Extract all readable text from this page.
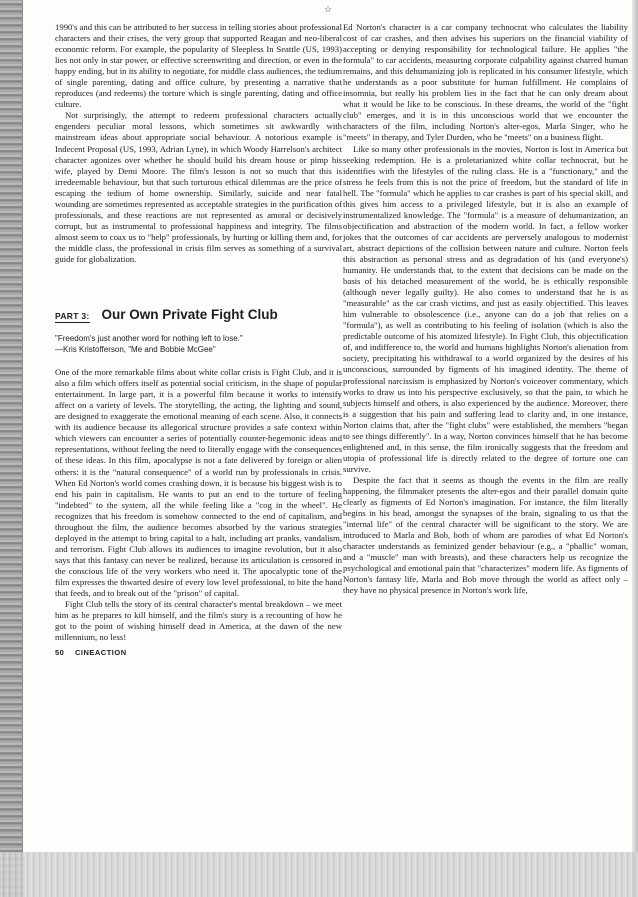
☆

1990's and this can be attributed to her success in telling stories about professional characters and their crises, the very group that supported Reagan and neo-liberal economic reform. For example, the popularity of Sleepless In Seattle (US, 1993) lies not only in star power, or effective screenwriting and direction, or even in the happy ending, but in its ability to negotiate, for middle class audiences, the tedium of single parenting, dating and office culture, by presenting a narrative that reproduces (and redeems) the torture which is single parenting, dating and office culture.

Not surprisingly, the attempt to redeem professional characters actually engenders peculiar moral lessons, which sometimes sit awkwardly with mainstream ideas about appropriate social behaviour. A notorious example is Indecent Proposal (US, 1993, Adrian Lyne), in which Woody Harrelson's architect character agonizes over whether he should build his dream house or pimp his wife, played by Demi Moore. The film's lesson is not so much that this is irredeemable behaviour, but that such torturous ethical dilemmas are the price of escaping the tedium of home ownership. Similarly, suicide and near fatal wounding are sometimes represented as acceptable strategies in the purification of professionals, and these reactions are not represented as amoral or decisively corrupt, but as instrumental to professional happiness and integrity. The films almost seem to coax us to "help" professionals, by hurting or killing them and, for the middle class, the professional in crisis film serves as something of a survival guide for globalization.

PART 3: Our Own Private Fight Club
"Freedom's just another word for nothing left to lose."
—Kris Kristofferson, "Me and Bobbie McGee"

One of the more remarkable films about white collar crisis is Fight Club, and it is also a film which offers itself as potential social criticism, in the shape of popular entertainment. In large part, it is a powerful film because it works to intensify affect on a variety of levels. The storytelling, the acting, the lighting and sound, are designed to exaggerate the emotional meaning of each scene. Also, it connects with its audience because its allegorical structure provides a safe context within which viewers can encounter a series of potentially counter-hegemonic ideas and representations, without feeling the need to literally engage with the consequences of these ideas. In this film, apocalypse is not a fate delivered by foreign or alien others: it is the "natural consequence" of a world run by professionals in crisis. When Ed Norton's world comes crashing down, it is because his biggest wish is to end his pain in capitalism. He wants to put an end to the torture of feeling "indebted" to the system, all the while feeling like a "cog in the wheel". He recognizes that his freedom is somehow connected to the end of capitalism, and throughout the film, the audience becomes absorbed by the various strategies deployed in the attempt to bring capital to a halt, including art pranks, vandalism, and terrorism. Fight Club allows its audiences to imagine revolution, but it also says that this fantasy can never be realized, because its articulation is censored in the conscious life of the very workers who need it. The apocalyptic tone of the film expresses the thwarted desire of every low level professional, to bite the hand that feeds, and to break out of the "prison" of capital.

Fight Club tells the story of its central character's mental breakdown – we meet him as he prepares to kill himself, and the film's story is a recounting of how he got to the point of wishing himself dead in America, at the dawn of the new millennium, no less!

50 CINEACTION

Ed Norton's character is a car company technocrat who calculates the liability cost of car crashes, and then advises his superiors on the financial viability of accepting or denying responsibility for technological failure. He applies "the formula" to car accidents, measuring corporate culpability against charred human remains, and this dehumanizing job is replicated in his consumer lifestyle, which he understands as a poor substitute for human fulfillment. He complains of insomnia, but really his problem lies in the fact that he can only dream about what it would be like to be conscious. In these dreams, the world of the "fight club" emerges, and it is in this unconscious world that we encounter the characters of the film, including Norton's alter-egos, Marla Singer, who he "meets" in therapy, and Tyler Durden, who he "meets" on a business flight.

Like so many other professionals in the movies, Norton is lost in America but seeking redemption. He is a proletarianized white collar technocrat, but he identifies with the lifestyles of the ruling class. He is a "functionary," and the stress he feels from this is not the price of freedom, but the standard of life in hell. The "formula" which he applies to car crashes is part of his special skill, and this gives him access to a privileged lifestyle, but it is also an example of instrumentalized knowledge. The "formula" is a measure of dehumanization, an objectification and abstraction of the modern world. In fact, a fellow worker jokes that the outcomes of car accidents are perversely analogous to modernist art, abstract depictions of the collision between nature and culture. Norton feels this abstraction as personal stress and as degradation of his (and everyone's) humanity. He understands that, to the extent that decisions can be made on the basis of his detached measurement of the world, he is ethically responsible (although never legally guilty). He also comes to understand that he is as "measurable" as the car crash victims, and just as easily objectified. This leaves him vulnerable to obsolescence (i.e., anyone can do a job that relies on a "formula"), as well as contributing to his feeling of isolation (which is also the predictable outcome of his atomized lifestyle). In Fight Club, this objectification of, and indifference to, the world and humans highlights Norton's alienation from society, precipitating his withdrawal to a world organized by the desires of his unconscious, surrounded by figments of his imagined identity. The theme of professional narcissism is emphasized by Norton's voiceover commentary, which works to draw us into his perspective exclusively, so that the pain, to which he subjects himself and others, is also experienced by the audience. Moreover, there is a suggestion that his pain and suffering lead to clarity and, in one instance, Norton claims that, after the "fight clubs" were established, the members "began to see things differently". In a way, Norton convinces himself that he has become enlightened and, in this sense, the film ironically suggests that the freedom and utopia of professional life is directly related to the degree of torture one can survive.

Despite the fact that it seems as though the events in the film are really happening, the filmmaker presents the alter-egos and their parallel domain quite clearly as figments of Ed Norton's imagination. For instance, the film literally begins in his head, amongst the synapses of the brain, signaling to us that the "internal life" of the central character will be significant to the story. We are introduced to Marla and Bob, both of whom are parodies of what Ed Norton's character understands as feminized gender behaviour (e.g., a "phallic" woman, and a "muscle" man with breasts), and these characters help us recognize the psychological and emotional pain that "characterizes" modern life. As figments of Norton's fantasy life, Marla and Bob move through the world as affect only – they have no physical presence in Norton's work life,
